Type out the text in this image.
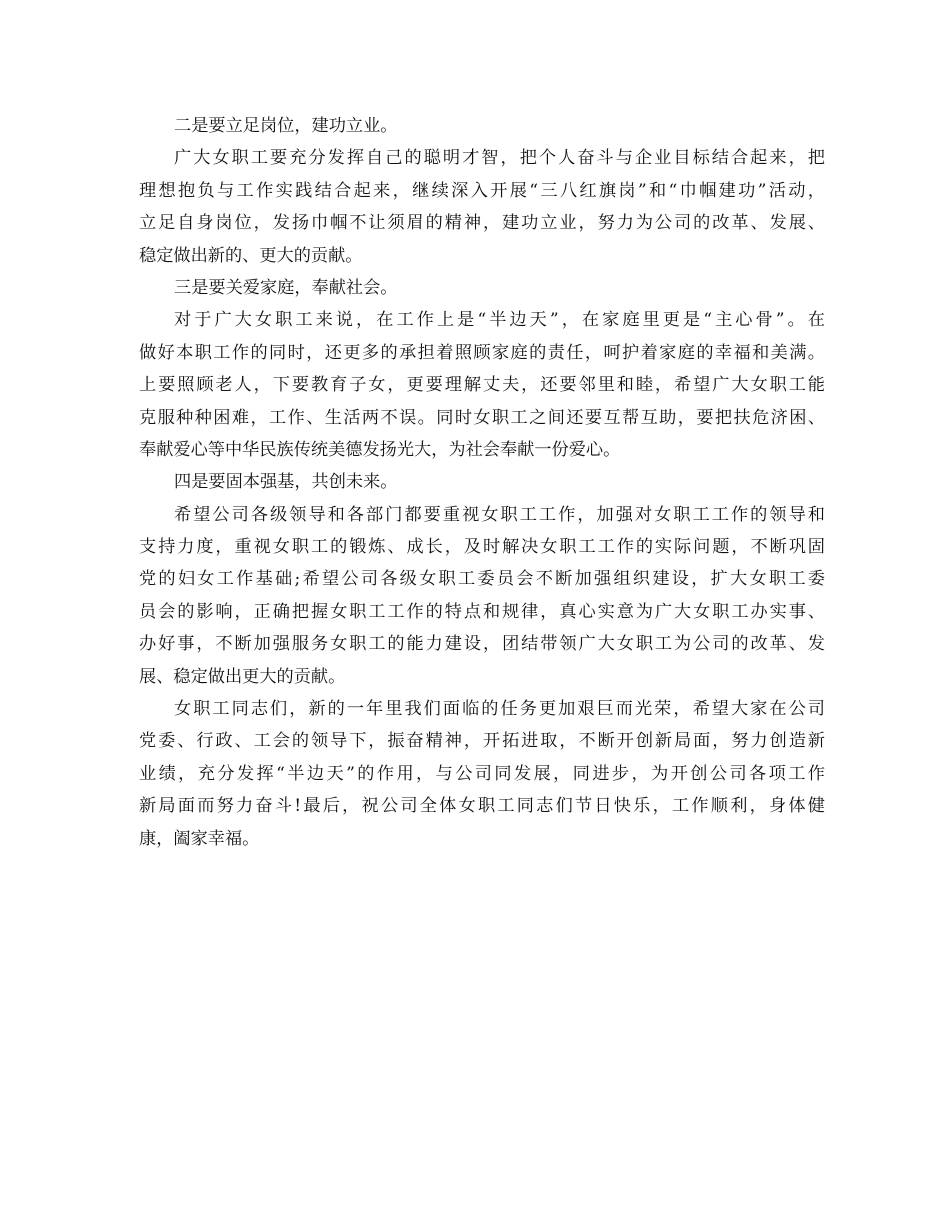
二是要立足岗位，建功立业。
广大女职工要充分发挥自己的聪明才智，把个人奋斗与企业目标结合起来，把
理想抱负与工作实践结合起来，继续深入开展“三八红旗岗”和“巾帼建功”活动，
立足自身岗位，发扬巾帼不让须眉的精神，建功立业，努力为公司的改革、发展、
稳定做出新的、更大的贡献。
三是要关爱家庭，奉献社会。
对于广大女职工来说，在工作上是“半边天”，在家庭里更是“主心骨”。在
做好本职工作的同时，还更多的承担着照顾家庭的责任，呵护着家庭的幸福和美满。
上要照顾老人，下要教育子女，更要理解丈夫，还要邻里和睦，希望广大女职工能
克服种种困难，工作、生活两不误。同时女职工之间还要互帮互助，要把扶危济困、
奉献爱心等中华民族传统美德发扬光大，为社会奉献一份爱心。
四是要固本强基，共创未来。
希望公司各级领导和各部门都要重视女职工工作，加强对女职工工作的领导和
支持力度，重视女职工的锻炼、成长，及时解决女职工工作的实际问题，不断巩固
党的妇女工作基础;希望公司各级女职工委员会不断加强组织建设，扩大女职工委
员会的影响，正确把握女职工工作的特点和规律，真心实意为广大女职工办实事、
办好事，不断加强服务女职工的能力建设，团结带领广大女职工为公司的改革、发
展、稳定做出更大的贡献。
女职工同志们，新的一年里我们面临的任务更加艰巨而光荣，希望大家在公司
党委、行政、工会的领导下，振奋精神，开拓进取，不断开创新局面，努力创造新
业绩，充分发挥“半边天”的作用，与公司同发展，同进步，为开创公司各项工作
新局面而努力奋斗!最后，祝公司全体女职工同志们节日快乐，工作顺利，身体健
康，阖家幸福。
